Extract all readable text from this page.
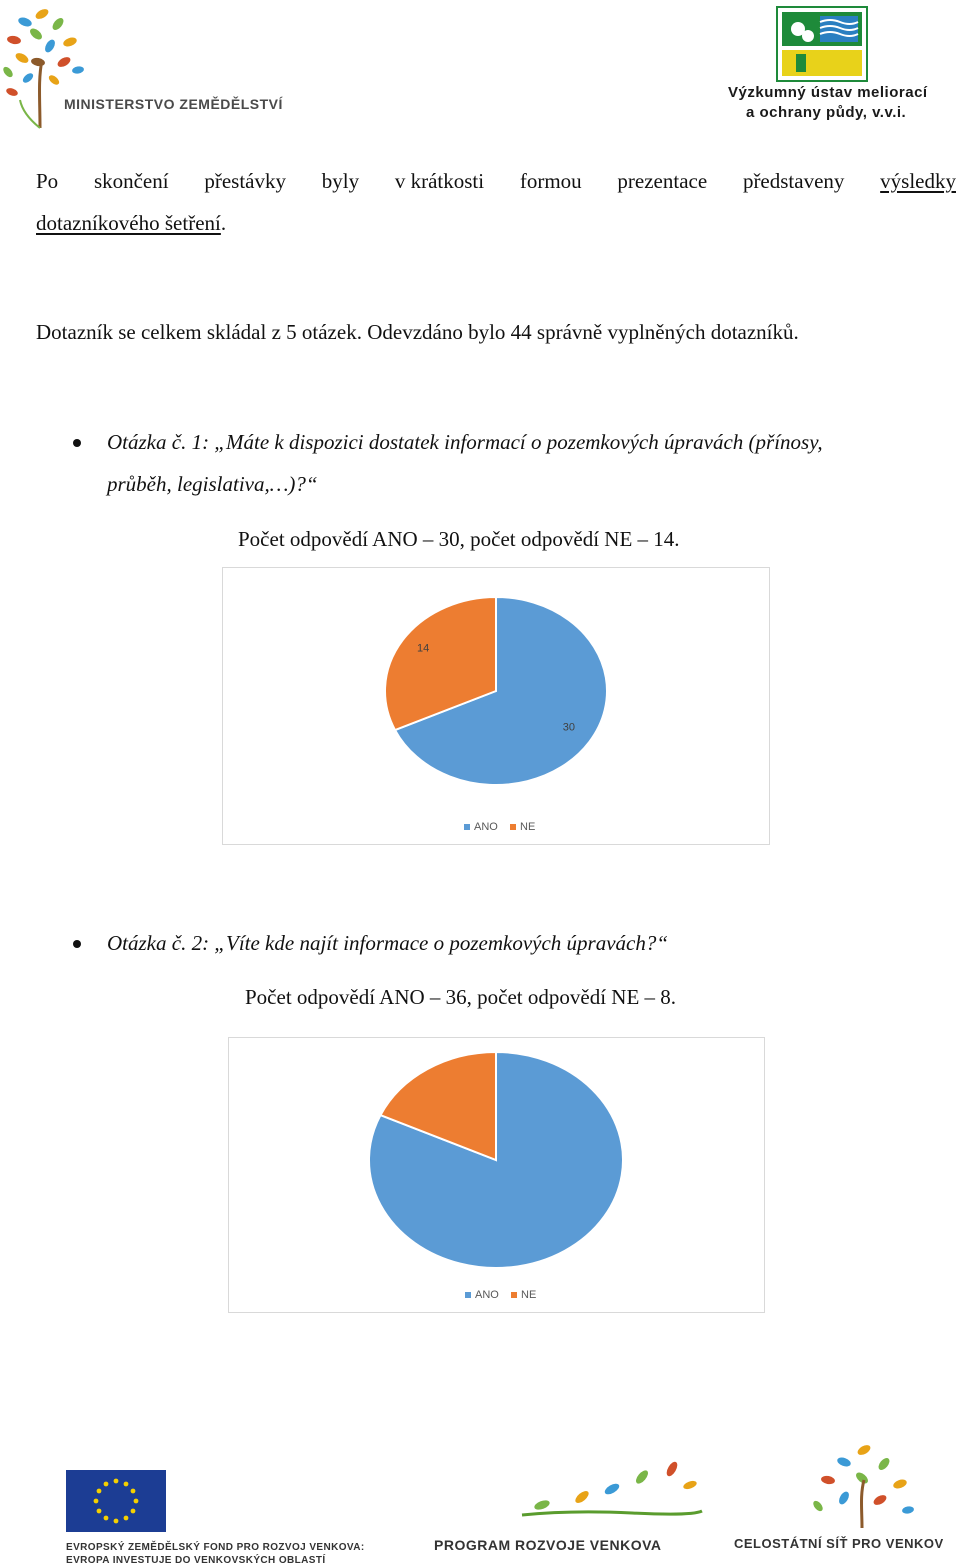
MINISTERSTVO ZEMĚDĚLSTVÍ
Výzkumný ústav meliorací
a ochrany půdy, v.v.i.
Po skončení přestávky byly v krátkosti formou prezentace představeny výsledky
dotazníkového šetření.
Dotazník se celkem skládal z 5 otázek. Odevzdáno bylo 44 správně vyplněných dotazníků.
Otázka č. 1: „Máte k dispozici dostatek informací o pozemkových úpravách (přínosy,
průběh, legislativa,…)?“
Počet odpovědí ANO – 30, počet odpovědí NE – 14.
30
14
ANO NE
Otázka č. 2: „Víte kde najít informace o pozemkových úpravách?“
Počet odpovědí ANO – 36, počet odpovědí NE – 8.
ANO NE
EVROPSKÝ ZEMĚDĚLSKÝ FOND PRO ROZVOJ VENKOVA:
EVROPA INVESTUJE DO VENKOVSKÝCH OBLASTÍ
PROGRAM ROZVOJE VENKOVA	CELOSTÁTNÍ SÍŤ PRO VENKOV
